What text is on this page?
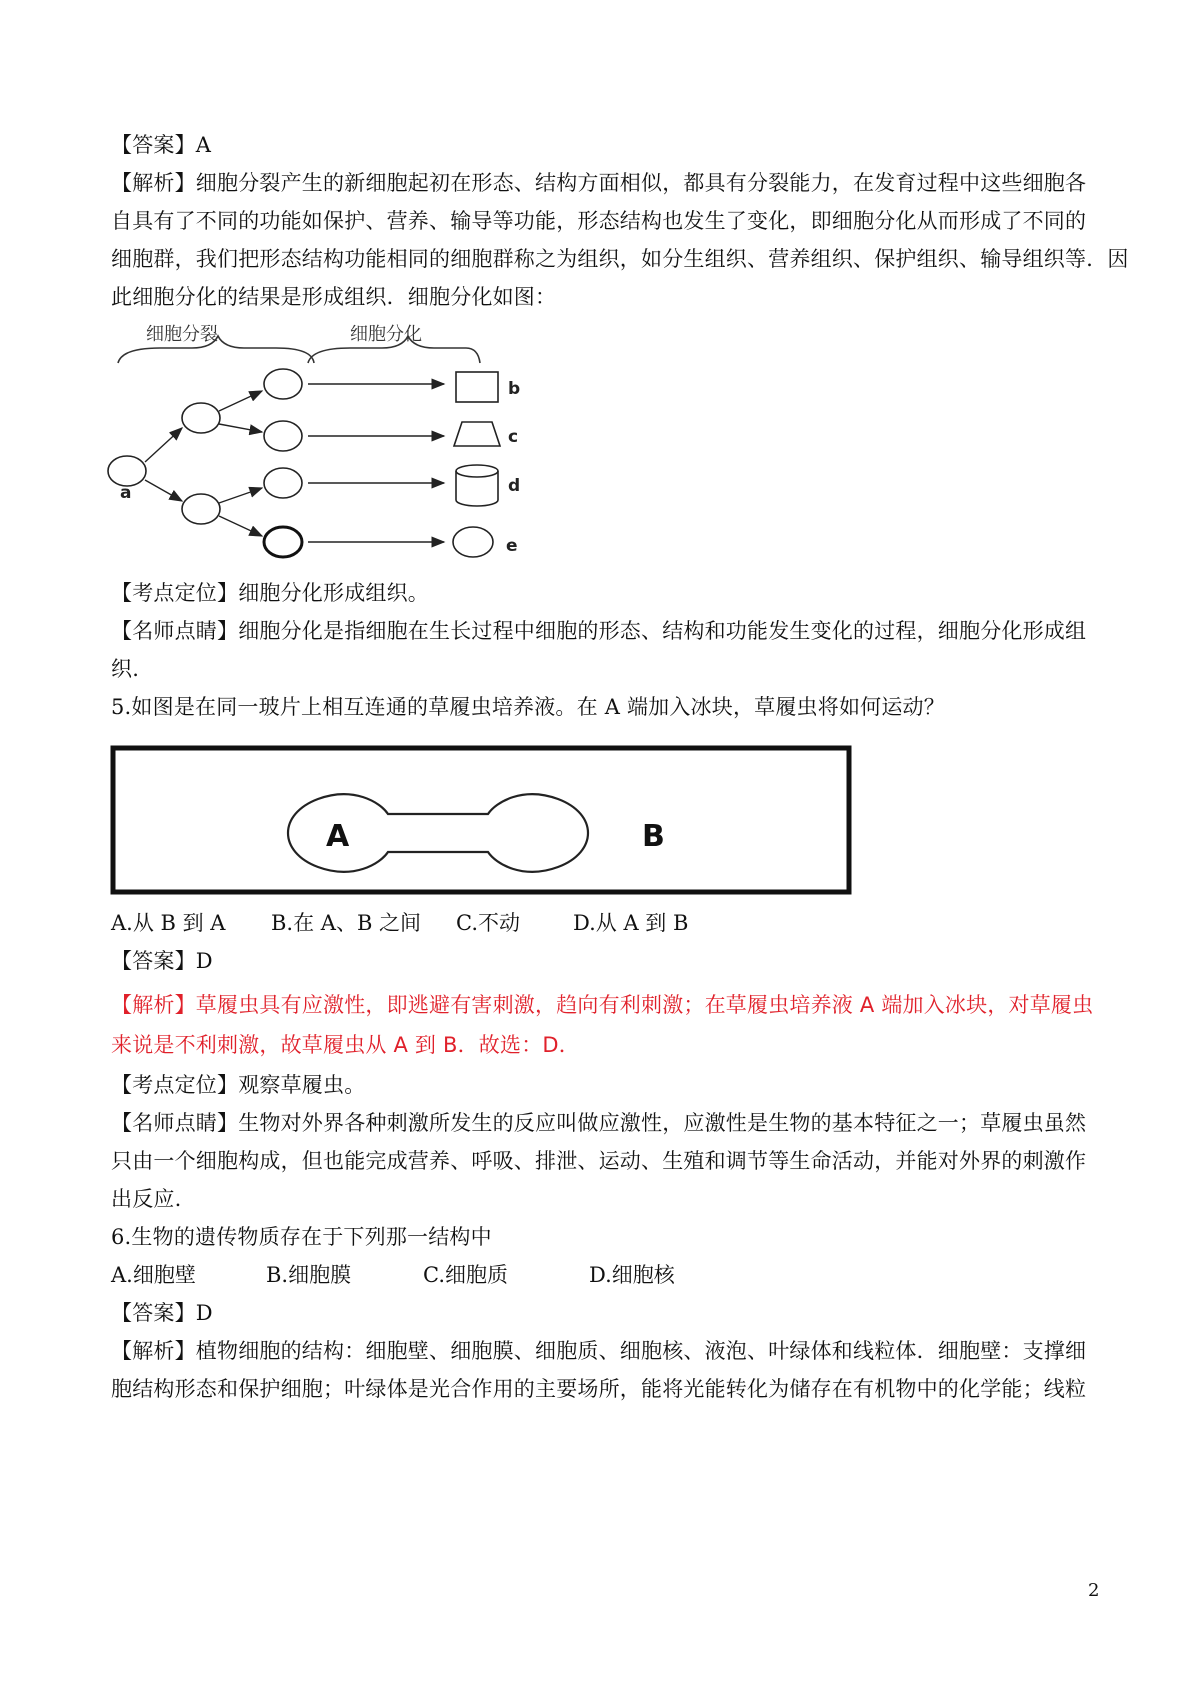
【答案】A
【解析】细胞分裂产生的新细胞起初在形态、结构方面相似，都具有分裂能力，在发育过程中这些细胞各
自具有了不同的功能如保护、营养、输导等功能，形态结构也发生了变化，即细胞分化从而形成了不同的
细胞群，我们把形态结构功能相同的细胞群称之为组织，如分生组织、营养组织、保护组织、输导组织等．因
此细胞分化的结果是形成组织．细胞分化如图：
细胞分裂	细胞分化
a
b
c
d
e
【考点定位】细胞分化形成组织。
【名师点睛】细胞分化是指细胞在生长过程中细胞的形态、结构和功能发生变化的过程，细胞分化形成组
织.
5.如图是在同一玻片上相互连通的草履虫培养液。在 A 端加入冰块，草履虫将如何运动？
A	B
A.从 B 到 A B.在 A、B 之间 C.不动	D.从 A 到 B
【答案】D
【解析】草履虫具有应激性，即逃避有害刺激，趋向有利刺激；在草履虫培养液 A 端加入冰块，对草履虫
来说是不利刺激，故草履虫从 A 到 B．故选：D．
【考点定位】观察草履虫。
【名师点睛】生物对外界各种刺激所发生的反应叫做应激性，应激性是生物的基本特征之一；草履虫虽然
只由一个细胞构成，但也能完成营养、呼吸、排泄、运动、生殖和调节等生命活动，并能对外界的刺激作
出反应.
6.生物的遗传物质存在于下列那一结构中
A.细胞壁	B.细胞膜	C.细胞质	D.细胞核
【答案】D
【解析】植物细胞的结构：细胞壁、细胞膜、细胞质、细胞核、液泡、叶绿体和线粒体．细胞壁：支撑细
胞结构形态和保护细胞；叶绿体是光合作用的主要场所，能将光能转化为储存在有机物中的化学能；线粒
2
